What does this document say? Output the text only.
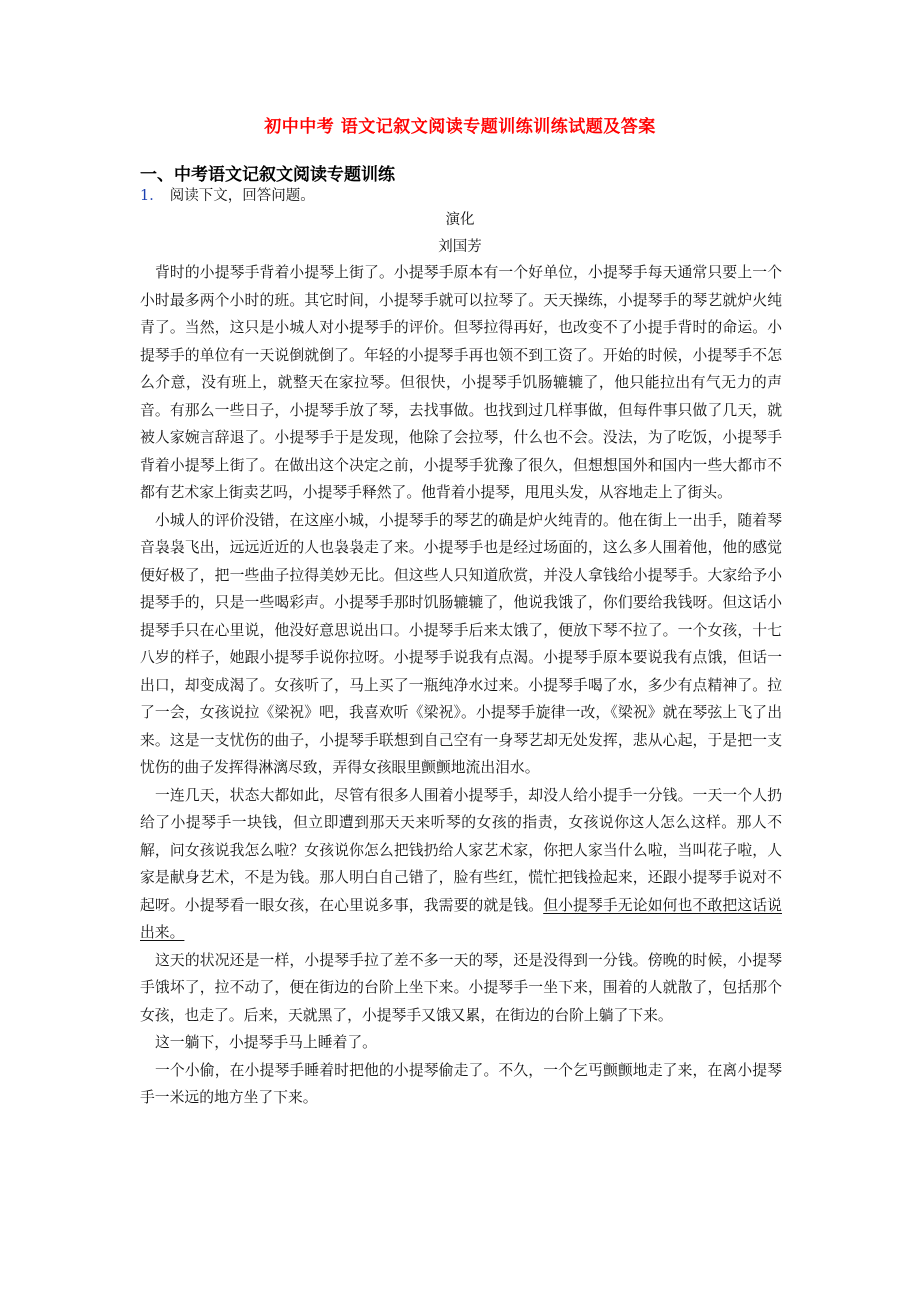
初中中考 语文记叙文阅读专题训练训练试题及答案
一、中考语文记叙文阅读专题训练
1． 阅读下文，回答问题。
演化
刘国芳

背时的小提琴手背着小提琴上街了。小提琴手原本有一个好单位，小提琴手每天通常只要上一个小时最多两个小时的班。其它时间，小提琴手就可以拉琴了。天天操练，小提琴手的琴艺就炉火纯青了。当然，这只是小城人对小提琴手的评价。但琴拉得再好，也改变不了小提手背时的命运。小提琴手的单位有一天说倒就倒了。年轻的小提琴手再也领不到工资了。开始的时候，小提琴手不怎么介意，没有班上，就整天在家拉琴。但很快，小提琴手饥肠辘辘了，他只能拉出有气无力的声音。有那么一些日子，小提琴手放了琴，去找事做。也找到过几样事做，但每件事只做了几天，就被人家婉言辞退了。小提琴手于是发现，他除了会拉琴，什么也不会。没法，为了吃饭，小提琴手背着小提琴上街了。在做出这个决定之前，小提琴手犹豫了很久，但想想国外和国内一些大都市不都有艺术家上街卖艺吗，小提琴手释然了。他背着小提琴，甩甩头发，从容地走上了街头。

小城人的评价没错，在这座小城，小提琴手的琴艺的确是炉火纯青的。他在街上一出手，随着琴音袅袅飞出，远远近近的人也袅袅走了来。小提琴手也是经过场面的，这么多人围着他，他的感觉便好极了，把一些曲子拉得美妙无比。但这些人只知道欣赏，并没人拿钱给小提琴手。大家给予小提琴手的，只是一些喝彩声。小提琴手那时饥肠辘辘了，他说我饿了，你们要给我钱呀。但这话小提琴手只在心里说，他没好意思说出口。小提琴手后来太饿了，便放下琴不拉了。一个女孩，十七八岁的样子，她跟小提琴手说你拉呀。小提琴手说我有点渴。小提琴手原本要说我有点饿，但话一出口，却变成渴了。女孩听了，马上买了一瓶纯净水过来。小提琴手喝了水，多少有点精神了。拉了一会，女孩说拉《梁祝》吧，我喜欢听《梁祝》。小提琴手旋律一改，《梁祝》就在琴弦上飞了出来。这是一支忧伤的曲子，小提琴手联想到自己空有一身琴艺却无处发挥，悲从心起，于是把一支忧伤的曲子发挥得淋漓尽致，弄得女孩眼里颤颤地流出泪水。

一连几天，状态大都如此，尽管有很多人围着小提琴手，却没人给小提手一分钱。一天一个人扔给了小提琴手一块钱，但立即遭到那天天来听琴的女孩的指责，女孩说你这人怎么这样。那人不解，问女孩说我怎么啦？女孩说你怎么把钱扔给人家艺术家，你把人家当什么啦，当叫花子啦，人家是献身艺术，不是为钱。那人明白自己错了，脸有些红，慌忙把钱捡起来，还跟小提琴手说对不起呀。小提琴看一眼女孩，在心里说多事，我需要的就是钱。但小提琴手无论如何也不敢把这话说出来。

这天的状况还是一样，小提琴手拉了差不多一天的琴，还是没得到一分钱。傍晚的时候，小提琴手饿坏了，拉不动了，便在街边的台阶上坐下来。小提琴手一坐下来，围着的人就散了，包括那个女孩，也走了。后来，天就黑了，小提琴手又饿又累，在街边的台阶上躺了下来。

这一躺下，小提琴手马上睡着了。

一个小偷，在小提琴手睡着时把他的小提琴偷走了。不久，一个乞丐颤颤地走了来，在离小提琴手一米远的地方坐了下来。
